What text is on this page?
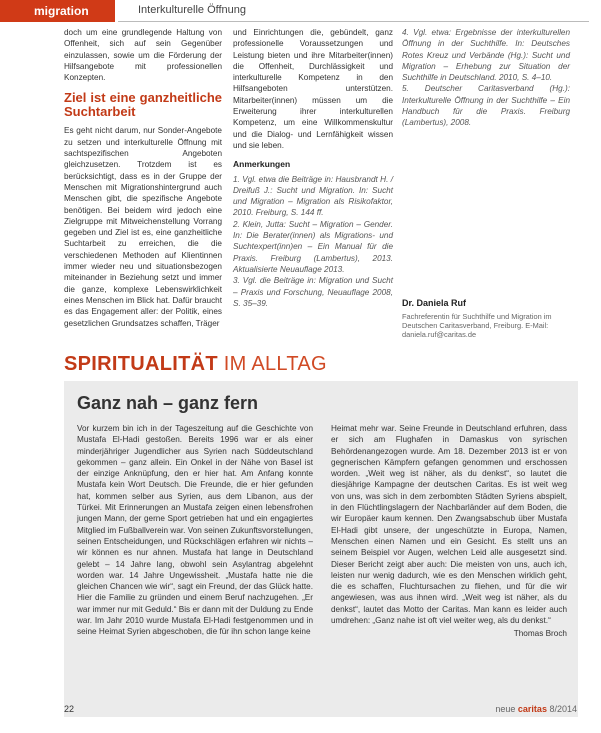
migration	Interkulturelle Öffnung

doch um eine grundlegende Haltung von Offenheit, sich auf sein Gegenüber einzulassen, sowie um die Förderung der Hilfsangebote mit professionellen Konzepten.

Ziel ist eine ganzheitliche Suchtarbeit

Es geht nicht darum, nur Sonder-Angebote zu setzen und interkulturelle Öffnung mit sachtspezifischen Angeboten gleichzusetzen. Trotzdem ist es berücksichtigt, dass es in der Gruppe der Menschen mit Migrationshintergrund auch Menschen gibt, die spezifische Angebote benötigen. Bei beidem wird jedoch eine Zielgruppe mit Mitweichenstellung Vorrang gegeben und Ziel ist es, eine ganzheitliche Suchtarbeit zu erreichen, die die verschiedenen Methoden auf Klientinnen immer wieder neu und situationsbezogen miteinander in Beziehung setzt und immer die ganze, komplexe Lebenswirklichkeit eines Menschen im Blick hat. Dafür braucht es das Engagement aller: der Politik, eines gesetzlichen Grundsatzes schaffen, Träger

und Einrichtungen die, gebündelt, ganz professionelle Voraussetzungen und Leistung bieten und ihre Mitarbeiter(innen) die Offenheit, Durchlässigkeit und interkulturelle Kompetenz in den Hilfsangeboten unterstützen. Mitarbeiter(innen) müssen um die Erweiterung ihrer interkulturellen Kompetenz, um eine Willkommenskultur und die Dialog- und Lernfähigkeit wissen und sie leben.

Anmerkungen

1. Vgl. etwa die Beiträge in: Hausbrandt H. / Dreifuß J.: Sucht und Migration. In: Sucht und Migration – Migration als Risikofaktor, 2010. Freiburg, S. 144 ff.

2. Klein, Jutta: Sucht – Migration – Gender. In: Die Berater(innen) als Migrations- und Suchtexpert(inn)en – Ein Manual für die Praxis. Freiburg (Lambertus), 2013. Aktualisierte Neuauflage 2013.

3. Vgl. die Beiträge in: Migration und Sucht – Praxis und Forschung, Neuauflage 2008, S. 35–39.

4. Vgl. etwa: Ergebnisse der interkulturellen Öffnung in der Suchthilfe. In: Deutsches Rotes Kreuz und Verbände (Hg.): Sucht und Migration – Erhebung zur Situation der Suchthilfe in Deutschland. 2010, S. 4–10.

5. Deutscher Caritasverband (Hg.): Interkulturelle Öffnung in der Suchthilfe – Ein Handbuch für die Praxis. Freiburg (Lambertus), 2008.

Dr. Daniela Ruf
Fachreferentin für Suchthilfe und Migration im Deutschen Caritasverband, Freiburg. E-Mail: daniela.ruf@caritas.de
SPIRITUALITÄT IM ALLTAG
Ganz nah – ganz fern

Vor kurzem bin ich in der Tageszeitung auf die Geschichte von Mustafa El-Hadi gestoßen. Bereits 1996 war er als einer minderjähriger Jugendlicher aus Syrien nach Süddeutschland gekommen – ganz allein. Ein Onkel in der Nähe von Basel ist der einzige Anknüpfung, den er hier hat. Am Anfang konnte Mustafa kein Wort Deutsch. Die Freunde, die er hier gefunden hat, kommen selber aus Syrien, aus dem Libanon, aus der Türkei. Mit Erinnerungen an Mustafa zeigen einen lebensfrohen jungen Mann, der gerne Sport getrieben hat und ein engagiertes Mitglied im Fußballverein war. Von seinen Zukunftsvorstellungen, seinen Entscheidungen, und Rückschlägen erfahren wir nichts – wir können es nur ahnen. Mustafa hat lange in Deutschland gelebt – 14 Jahre lang, obwohl sein Asylantrag abgelehnt worden war. 14 Jahre Ungewissheit. „Mustafa hatte nie die gleichen Chancen wie wir“, sagt ein Freund, der das Glück hatte. Hier die Familie zu gründen und einem Beruf nachzugehen. „Er war immer nur mit Geduld.“ Bis er dann mit der Duldung zu Ende war. Im Jahr 2010 wurde Mustafa El-Hadi festgenommen und in seine Heimat Syrien abgeschoben, die für ihn schon lange keine

Heimat mehr war. Seine Freunde in Deutschland erfuhren, dass er sich am Flughafen in Damaskus von syrischen Behördenangezogen wurde. Am 18. Dezember 2013 ist er von gegnerischen Kämpfern gefangen genommen und erschossen worden. „Weit weg ist näher, als du denkst“, so lautet die diesjährige Kampagne der deutschen Caritas. Es ist weit weg von uns, was sich in dem zerbombten Städten Syriens abspielt, in den Flüchtlingslagern der Nachbarländer auf dem Boden, die wir Europäer kaum kennen. Den Zwangsabschub über Mustafa El-Hadi gibt unsere, der ungeschützte in Europa, Namen, Menschen einen Namen und ein Gesicht. Es stellt uns an seinem Beispiel vor Augen, welchen Leid alle ausgesetzt sind. Dieser Bericht zeigt aber auch: Die meisten von uns, auch ich, leisten nur wenig dadurch, wie es den Menschen wirklich geht, die es schaffen, Fluchtursachen zu fliehen, und für die wir angewiesen, was aus ihnen wird. „Weit weg ist näher, als du denkst“, lautet das Motto der Caritas. Man kann es leider auch umdrehen: „Ganz nahe ist oft viel weiter weg, als du denkst.“

Thomas Broch

22	neue caritas 8/2014
